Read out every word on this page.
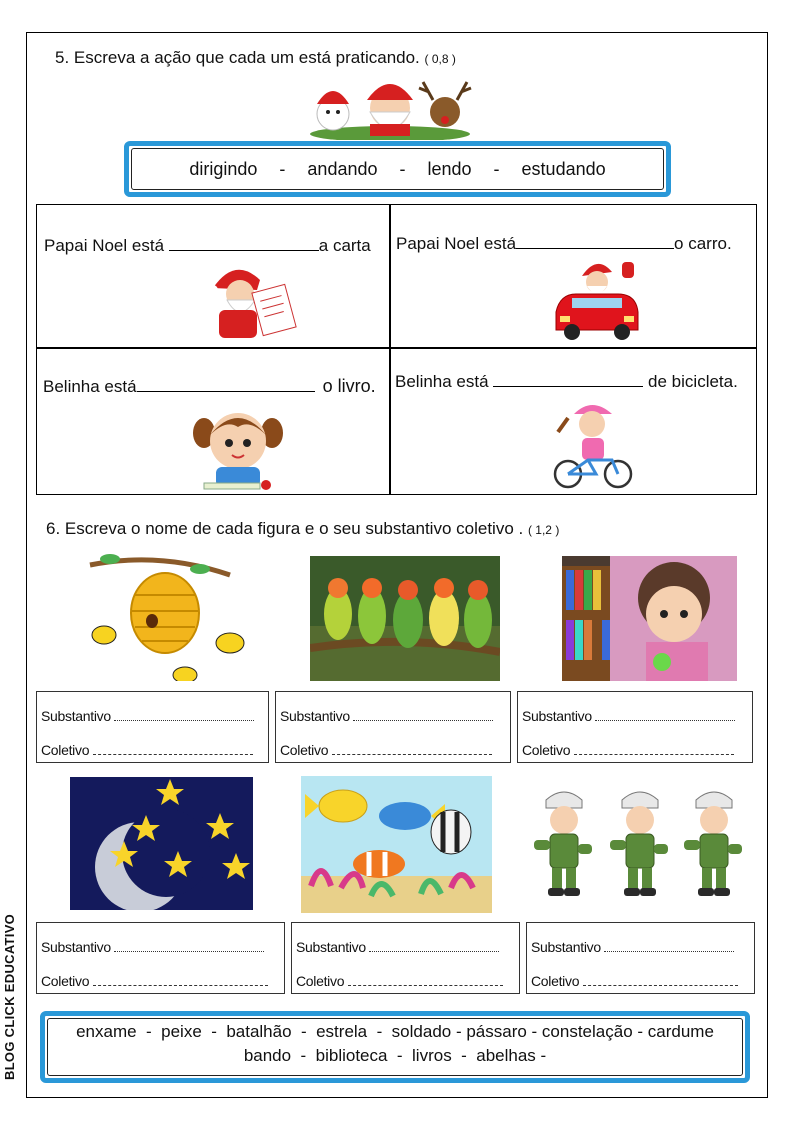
BLOG CLICK EDUCATIVO
5. Escreva a ação que cada um está praticando. ( 0,8 )
dirigindo - andando - lendo - estudando
Papai Noel está	a carta Papai Noel está	o carro.
Belinha está	o livro. Belinha está	de bicicleta.
6. Escreva o nome de cada figura e o seu substantivo coletivo . ( 1,2 )
Substantivo
Coletivo
Substantivo
Coletivo
Substantivo
Coletivo
Substantivo
Coletivo
Substantivo
Coletivo
Substantivo
Coletivo
enxame  -  peixe  -  batalhão  -  estrela  -  soldado - pássaro - constelação - cardume
bando  -  biblioteca  -  livros  -  abelhas -
